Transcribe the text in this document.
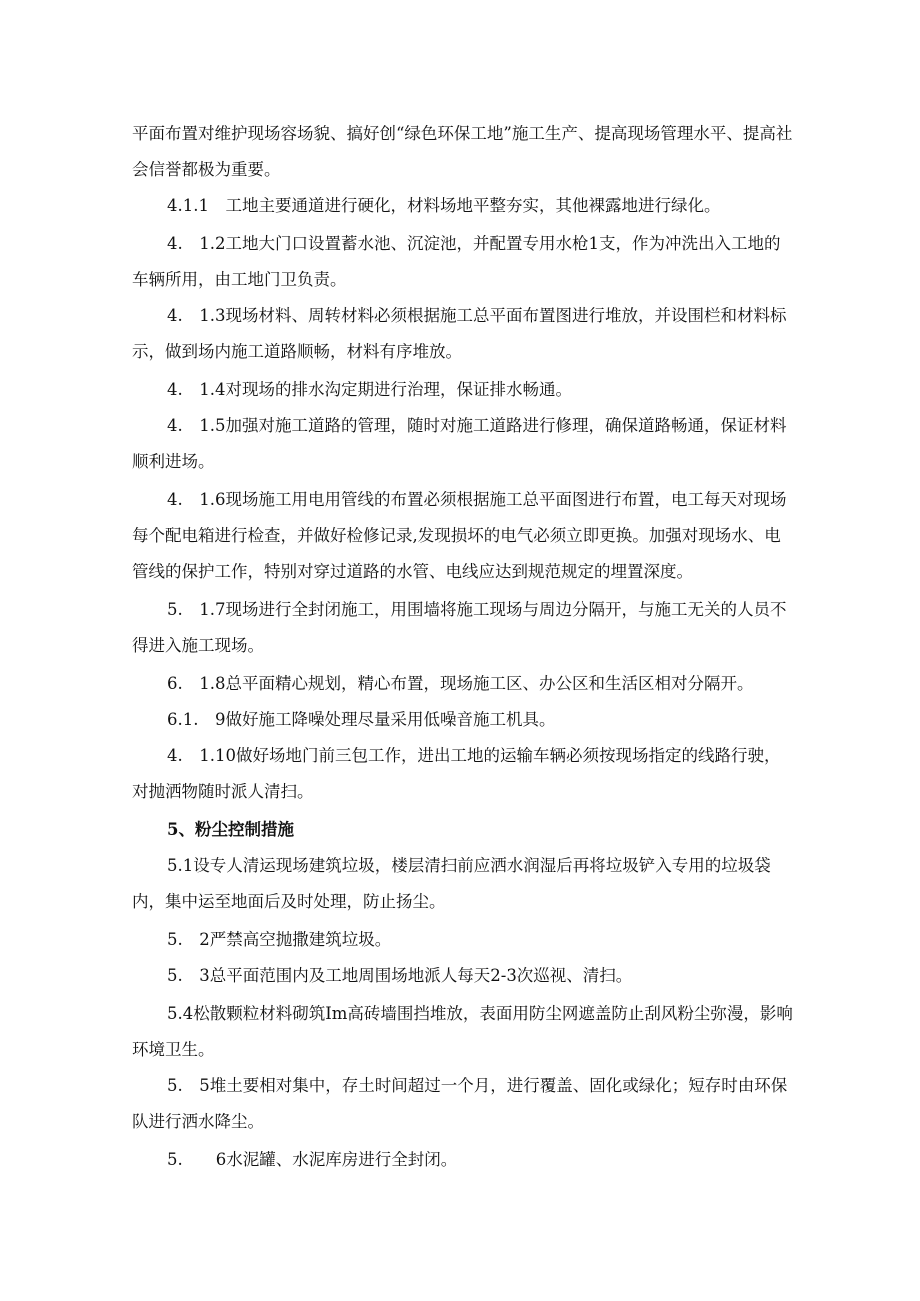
平面布置对维护现场容场貌、搞好创“绿色环保工地”施工生产、提高现场管理水平、提高社会信誉都极为重要。

4.1.1　工地主要通道进行硬化，材料场地平整夯实，其他裸露地进行绿化。

4.　1.2工地大门口设置蓄水池、沉淀池，并配置专用水枪1支，作为冲洗出入工地的车辆所用，由工地门卫负责。

4.　1.3现场材料、周转材料必须根据施工总平面布置图进行堆放，并设围栏和材料标示，做到场内施工道路顺畅，材料有序堆放。

4.　1.4对现场的排水沟定期进行治理，保证排水畅通。

4.　1.5加强对施工道路的管理，随时对施工道路进行修理，确保道路畅通，保证材料顺利进场。

4.　1.6现场施工用电用管线的布置必须根据施工总平面图进行布置，电工每天对现场每个配电箱进行检查，并做好检修记录,发现损坏的电气必须立即更换。加强对现场水、电管线的保护工作，特别对穿过道路的水管、电线应达到规范规定的埋置深度。

5.　1.7现场进行全封闭施工，用围墙将施工现场与周边分隔开，与施工无关的人员不得进入施工现场。

6.　1.8总平面精心规划，精心布置，现场施工区、办公区和生活区相对分隔开。

6.1.　9做好施工降噪处理尽量采用低噪音施工机具。

4.　1.10做好场地门前三包工作，进出工地的运输车辆必须按现场指定的线路行驶，对抛洒物随时派人清扫。

5、粉尘控制措施

5.1设专人清运现场建筑垃圾，楼层清扫前应洒水润湿后再将垃圾铲入专用的垃圾袋内，集中运至地面后及时处理，防止扬尘。

5.　2严禁高空抛撒建筑垃圾。

5.　3总平面范围内及工地周围场地派人每天2-3次巡视、清扫。

5.4松散颗粒材料砌筑Im高砖墙围挡堆放，表面用防尘网遮盖防止刮风粉尘弥漫，影响环境卫生。

5.　5堆土要相对集中，存土时间超过一个月，进行覆盖、固化或绿化；短存时由环保队进行洒水降尘。

5.　　6水泥罐、水泥库房进行全封闭。
